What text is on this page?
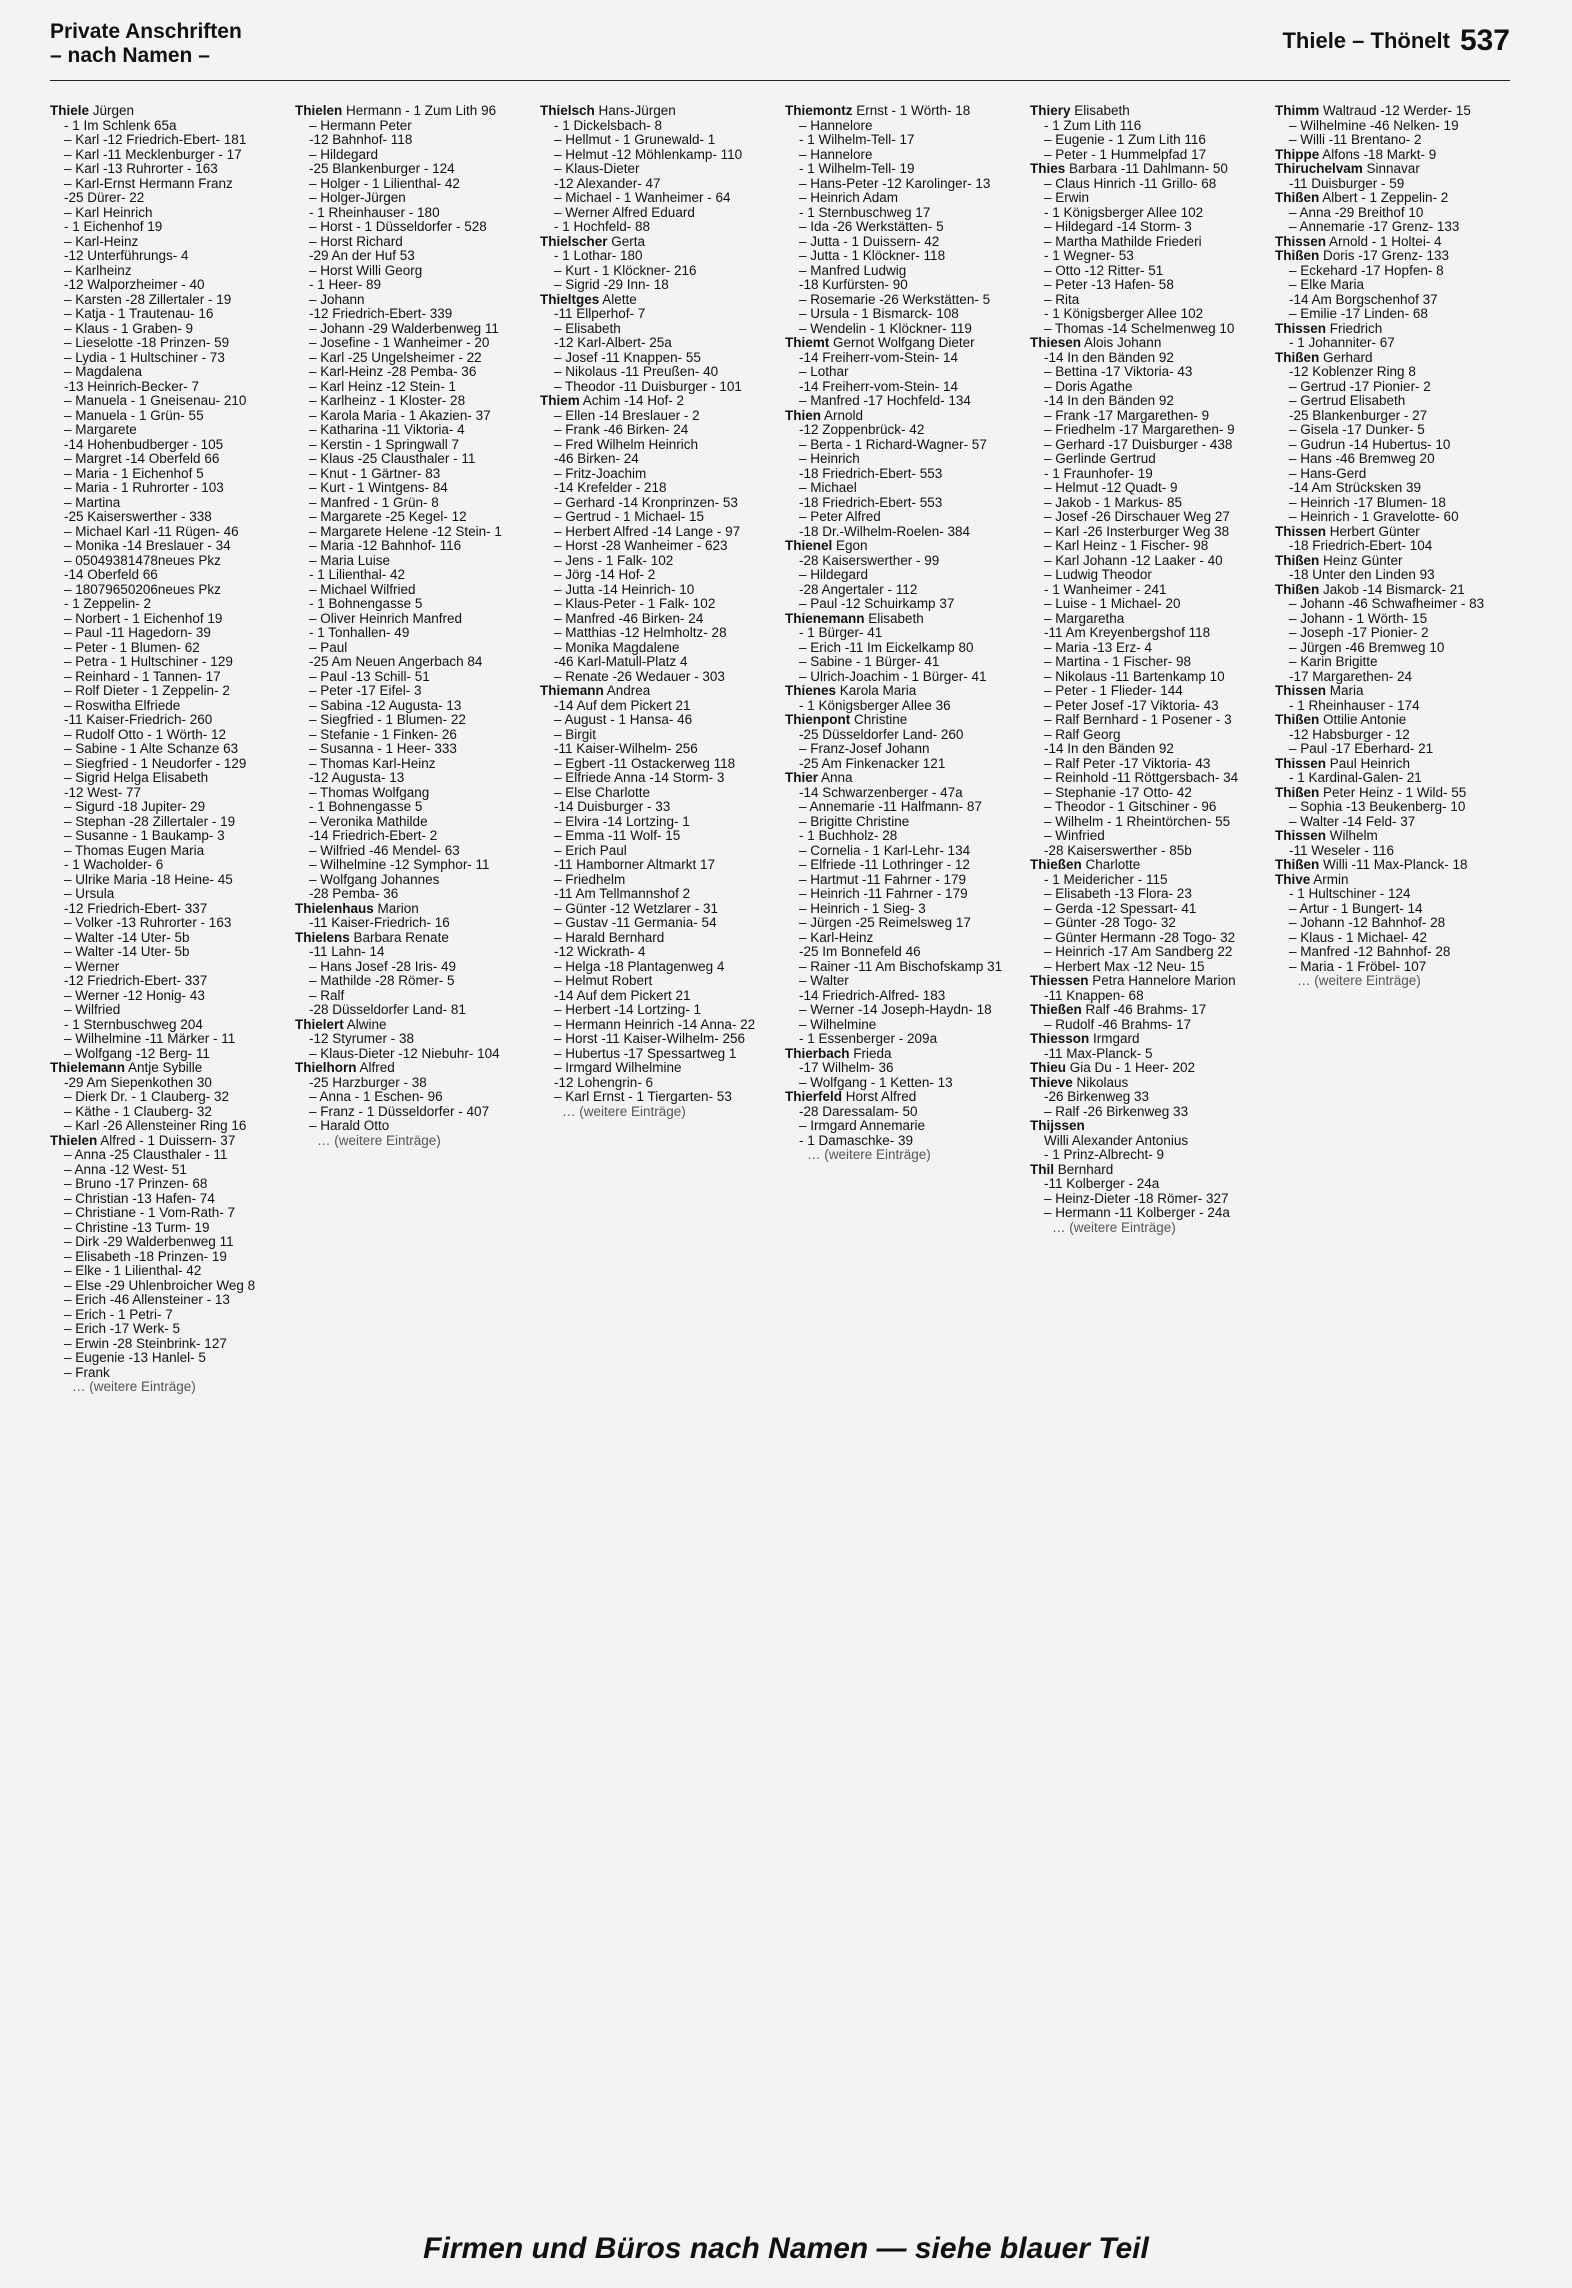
Private Anschriften
– nach Namen –
Thiele – Thönelt 537
Thiele Jürgen
- 1 Im Schlenk 65a
– Karl -12 Friedrich-Ebert- 181
– Karl -11 Mecklenburger - 17
– Karl -13 Ruhrorter - 163
– Karl-Ernst Hermann Franz
-25 Dürer- 22
– Karl Heinrich
- 1 Eichenhof 19
– Karl-Heinz
-12 Unterführungs- 4
– Karlheinz
-12 Walporzheimer - 40
– Karsten -28 Zillertaler - 19
– Katja - 1 Trautenau- 16
– Klaus - 1 Graben- 9
– Lieselotte -18 Prinzen- 59
– Lydia - 1 Hultschiner - 73
– Magdalena
-13 Heinrich-Becker- 7
– Manuela - 1 Gneisenau- 210
– Manuela - 1 Grün- 55
– Margarete
-14 Hohenbudberger - 105
– Margret -14 Oberfeld 66
– Maria - 1 Eichenhof 5
– Maria - 1 Ruhrorter - 103
– Martina
-25 Kaiserswerther - 338
– Michael Karl -11 Rügen- 46
– Monika -14 Breslauer - 34
– 05049381478neues Pkz
-14 Oberfeld 66
– 18079650206neues Pkz
- 1 Zeppelin- 2
– Norbert - 1 Eichenhof 19
– Paul -11 Hagedorn- 39
– Peter - 1 Blumen- 62
– Petra - 1 Hultschiner - 129
– Reinhard - 1 Tannen- 17
– Rolf Dieter - 1 Zeppelin- 2
– Roswitha Elfriede
-11 Kaiser-Friedrich- 260
– Rudolf Otto - 1 Wörth- 12
– Sabine - 1 Alte Schanze 63
– Siegfried - 1 Neudorfer - 129
– Sigrid Helga Elisabeth
-12 West- 77
– Sigurd -18 Jupiter- 29
– Stephan -28 Zillertaler - 19
– Susanne - 1 Baukamp- 3
– Thomas Eugen Maria
- 1 Wacholder- 6
– Ulrike Maria -18 Heine- 45
– Ursula
-12 Friedrich-Ebert- 337
– Volker -13 Ruhrorter - 163
– Walter -14 Uter- 5b
– Walter -14 Uter- 5b
– Werner
-12 Friedrich-Ebert- 337
– Werner -12 Honig- 43
– Wilfried
- 1 Sternbuschweg 204
– Wilhelmine -11 Märker - 11
– Wolfgang -12 Berg- 11
Thielemann Antje Sybille
-29 Am Siepenkothen 30
– Dierk Dr. - 1 Clauberg- 32
– Käthe - 1 Clauberg- 32
– Karl -26 Allensteiner Ring 16
Thielen Alfred - 1 Duissern- 37
– Anna -25 Clausthaler - 11
– Anna -12 West- 51
– Bruno -17 Prinzen- 68
– Christian -13 Hafen- 74
– Christiane - 1 Vom-Rath- 7
– Christine -13 Turm- 19
– Dirk -29 Walderbenweg 11
– Elisabeth -18 Prinzen- 19
– Elke - 1 Lilienthal- 42
– Else -29 Uhlenbroicher Weg 8
– Erich -46 Allensteiner - 13
– Erich - 1 Petri- 7
– Erich -17 Werk- 5
– Erwin -28 Steinbrink- 127
– Eugenie -13 Hanlel- 5
– Frank
… (weitere Einträge)
Thielen Hermann - 1 Zum Lith 96
– Hermann Peter
-12 Bahnhof- 118
– Hildegard
-25 Blankenburger - 124
– Holger - 1 Lilienthal- 42
– Holger-Jürgen
- 1 Rheinhauser - 180
– Horst - 1 Düsseldorfer - 528
– Horst Richard
-29 An der Huf 53
– Horst Willi Georg
- 1 Heer- 89
– Johann
-12 Friedrich-Ebert- 339
– Johann -29 Walderbenweg 11
– Josefine - 1 Wanheimer - 20
– Karl -25 Ungelsheimer - 22
– Karl-Heinz -28 Pemba- 36
– Karl Heinz -12 Stein- 1
– Karlheinz - 1 Kloster- 28
– Karola Maria - 1 Akazien- 37
– Katharina -11 Viktoria- 4
– Kerstin - 1 Springwall 7
– Klaus -25 Clausthaler - 11
– Knut - 1 Gärtner- 83
– Kurt - 1 Wintgens- 84
– Manfred - 1 Grün- 8
– Margarete -25 Kegel- 12
– Margarete Helene -12 Stein- 1
– Maria -12 Bahnhof- 116
– Maria Luise
- 1 Lilienthal- 42
– Michael Wilfried
- 1 Bohnengasse 5
– Oliver Heinrich Manfred
- 1 Tonhallen- 49
– Paul
-25 Am Neuen Angerbach 84
– Paul -13 Schill- 51
– Peter -17 Eifel- 3
– Sabina -12 Augusta- 13
– Siegfried - 1 Blumen- 22
– Stefanie - 1 Finken- 26
– Susanna - 1 Heer- 333
– Thomas Karl-Heinz
-12 Augusta- 13
– Thomas Wolfgang
- 1 Bohnengasse 5
– Veronika Mathilde
-14 Friedrich-Ebert- 2
– Wilfried -46 Mendel- 63
– Wilhelmine -12 Symphor- 11
– Wolfgang Johannes
-28 Pemba- 36
Thielenhaus Marion
-11 Kaiser-Friedrich- 16
Thielens Barbara Renate
-11 Lahn- 14
– Hans Josef -28 Iris- 49
– Mathilde -28 Römer- 5
– Ralf
-28 Düsseldorfer Land- 81
Thielert Alwine
-12 Styrumer - 38
– Klaus-Dieter -12 Niebuhr- 104
Thielhorn Alfred
-25 Harzburger - 38
– Anna - 1 Eschen- 96
– Franz - 1 Düsseldorfer - 407
– Harald Otto
… (weitere Einträge)
Thielsch Hans-Jürgen
- 1 Dickelsbach- 8
– Hellmut - 1 Grunewald- 1
– Helmut -12 Möhlenkamp- 110
– Klaus-Dieter
-12 Alexander- 47
– Michael - 1 Wanheimer - 64
– Werner Alfred Eduard
- 1 Hochfeld- 88
Thielscher Gerta
- 1 Lothar- 180
– Kurt - 1 Klöckner- 216
– Sigrid -29 Inn- 18
Thieltges Alette
-11 Ellperhof- 7
– Elisabeth
-12 Karl-Albert- 25a
– Josef -11 Knappen- 55
– Nikolaus -11 Preußen- 40
– Theodor -11 Duisburger - 101
Thiem Achim -14 Hof- 2
– Ellen -14 Breslauer - 2
– Frank -46 Birken- 24
– Fred Wilhelm Heinrich
-46 Birken- 24
– Fritz-Joachim
-14 Krefelder - 218
– Gerhard -14 Kronprinzen- 53
– Gertrud - 1 Michael- 15
– Herbert Alfred -14 Lange - 97
– Horst -28 Wanheimer - 623
– Jens - 1 Falk- 102
– Jörg -14 Hof- 2
– Jutta -14 Heinrich- 10
– Klaus-Peter - 1 Falk- 102
– Manfred -46 Birken- 24
– Matthias -12 Helmholtz- 28
– Monika Magdalene
-46 Karl-Matull-Platz 4
– Renate -26 Wedauer - 303
Thiemann Andrea
-14 Auf dem Pickert 21
– August - 1 Hansa- 46
– Birgit
-11 Kaiser-Wilhelm- 256
– Egbert -11 Ostackerweg 118
– Elfriede Anna -14 Storm- 3
– Else Charlotte
-14 Duisburger - 33
– Elvira -14 Lortzing- 1
– Emma -11 Wolf- 15
– Erich Paul
-11 Hamborner Altmarkt 17
– Friedhelm
-11 Am Tellmannshof 2
– Günter -12 Wetzlarer - 31
– Gustav -11 Germania- 54
– Harald Bernhard
-12 Wickrath- 4
– Helga -18 Plantagenweg 4
– Helmut Robert
-14 Auf dem Pickert 21
– Herbert -14 Lortzing- 1
– Hermann Heinrich -14 Anna- 22
– Horst -11 Kaiser-Wilhelm- 256
– Hubertus -17 Spessartweg 1
– Irmgard Wilhelmine
-12 Lohengrin- 6
– Karl Ernst - 1 Tiergarten- 53
… (weitere Einträge)
Thiemontz Ernst - 1 Wörth- 18
– Hannelore
- 1 Wilhelm-Tell- 17
– Hannelore
- 1 Wilhelm-Tell- 19
– Hans-Peter -12 Karolinger- 13
– Heinrich Adam
- 1 Sternbuschweg 17
– Ida -26 Werkstätten- 5
– Jutta - 1 Duissern- 42
– Jutta - 1 Klöckner- 118
– Manfred Ludwig
-18 Kurfürsten- 90
– Rosemarie -26 Werkstätten- 5
– Ursula - 1 Bismarck- 108
– Wendelin - 1 Klöckner- 119
Thiemt Gernot Wolfgang Dieter
-14 Freiherr-vom-Stein- 14
– Lothar
-14 Freiherr-vom-Stein- 14
– Manfred -17 Hochfeld- 134
Thien Arnold
-12 Zoppenbrück- 42
– Berta - 1 Richard-Wagner- 57
– Heinrich
-18 Friedrich-Ebert- 553
– Michael
-18 Friedrich-Ebert- 553
– Peter Alfred
-18 Dr.-Wilhelm-Roelen- 384
Thienel Egon
-28 Kaiserswerther - 99
– Hildegard
-28 Angertaler - 112
– Paul -12 Schuirkamp 37
Thienemann Elisabeth
- 1 Bürger- 41
– Erich -11 Im Eickelkamp 80
– Sabine - 1 Bürger- 41
– Ulrich-Joachim - 1 Bürger- 41
Thienes Karola Maria
- 1 Königsberger Allee 36
Thienpont Christine
-25 Düsseldorfer Land- 260
– Franz-Josef Johann
-25 Am Finkenacker 121
Thier Anna
-14 Schwarzenberger - 47a
– Annemarie -11 Halfmann- 87
– Brigitte Christine
- 1 Buchholz- 28
– Cornelia - 1 Karl-Lehr- 134
– Elfriede -11 Lothringer - 12
– Hartmut -11 Fahrner - 179
– Heinrich -11 Fahrner - 179
– Heinrich - 1 Sieg- 3
– Jürgen -25 Reimelsweg 17
– Karl-Heinz
-25 Im Bonnefeld 46
– Rainer -11 Am Bischofskamp 31
– Walter
-14 Friedrich-Alfred- 183
– Werner -14 Joseph-Haydn- 18
– Wilhelmine
- 1 Essenberger - 209a
Thierbach Frieda
-17 Wilhelm- 36
– Wolfgang - 1 Ketten- 13
Thierfeld Horst Alfred
-28 Daressalam- 50
– Irmgard Annemarie
- 1 Damaschke- 39
… (weitere Einträge)
Thiery Elisabeth
- 1 Zum Lith 116
– Eugenie - 1 Zum Lith 116
– Peter - 1 Hummelpfad 17
Thies Barbara -11 Dahlmann- 50
– Claus Hinrich -11 Grillo- 68
– Erwin
- 1 Königsberger Allee 102
– Hildegard -14 Storm- 3
– Martha Mathilde Friederi
- 1 Wegner- 53
– Otto -12 Ritter- 51
– Peter -13 Hafen- 58
– Rita
- 1 Königsberger Allee 102
– Thomas -14 Schelmenweg 10
Thiesen Alois Johann
-14 In den Bänden 92
– Bettina -17 Viktoria- 43
– Doris Agathe
-14 In den Bänden 92
– Frank -17 Margarethen- 9
– Friedhelm -17 Margarethen- 9
– Gerhard -17 Duisburger - 438
– Gerlinde Gertrud
- 1 Fraunhofer- 19
– Helmut -12 Quadt- 9
– Jakob - 1 Markus- 85
– Josef -26 Dirschauer Weg 27
– Karl -26 Insterburger Weg 38
– Karl Heinz - 1 Fischer- 98
– Karl Johann -12 Laaker - 40
– Ludwig Theodor
- 1 Wanheimer - 241
– Luise - 1 Michael- 20
– Margaretha
-11 Am Kreyenbergshof 118
– Maria -13 Erz- 4
– Martina - 1 Fischer- 98
– Nikolaus -11 Bartenkamp 10
– Peter - 1 Flieder- 144
– Peter Josef -17 Viktoria- 43
– Ralf Bernhard - 1 Posener - 3
– Ralf Georg
-14 In den Bänden 92
– Ralf Peter -17 Viktoria- 43
– Reinhold -11 Röttgersbach- 34
– Stephanie -17 Otto- 42
– Theodor - 1 Gitschiner - 96
– Wilhelm - 1 Rheintörchen- 55
– Winfried
-28 Kaiserswerther - 85b
Thießen Charlotte
- 1 Meidericher - 115
– Elisabeth -13 Flora- 23
– Gerda -12 Spessart- 41
– Günter -28 Togo- 32
– Günter Hermann -28 Togo- 32
– Heinrich -17 Am Sandberg 22
– Herbert Max -12 Neu- 15
Thiessen Petra Hannelore Marion
-11 Knappen- 68
Thießen Ralf -46 Brahms- 17
– Rudolf -46 Brahms- 17
Thiesson Irmgard
-11 Max-Planck- 5
Thieu Gia Du - 1 Heer- 202
Thieve Nikolaus
-26 Birkenweg 33
– Ralf -26 Birkenweg 33
Thijssen
Willi Alexander Antonius
- 1 Prinz-Albrecht- 9
Thil Bernhard
-11 Kolberger - 24a
– Heinz-Dieter -18 Römer- 327
– Hermann -11 Kolberger - 24a
… (weitere Einträge)
Thimm Waltraud -12 Werder- 15
– Wilhelmine -46 Nelken- 19
– Willi -11 Brentano- 2
Thippe Alfons -18 Markt- 9
Thiruchelvam Sinnavar
-11 Duisburger - 59
Thißen Albert - 1 Zeppelin- 2
– Anna -29 Breithof 10
– Annemarie -17 Grenz- 133
Thissen Arnold - 1 Holtei- 4
Thißen Doris -17 Grenz- 133
– Eckehard -17 Hopfen- 8
– Elke Maria
-14 Am Borgschenhof 37
– Emilie -17 Linden- 68
Thissen Friedrich
- 1 Johanniter- 67
Thißen Gerhard
-12 Koblenzer Ring 8
– Gertrud -17 Pionier- 2
– Gertrud Elisabeth
-25 Blankenburger - 27
– Gisela -17 Dunker- 5
– Gudrun -14 Hubertus- 10
– Hans -46 Bremweg 20
– Hans-Gerd
-14 Am Strücksken 39
– Heinrich -17 Blumen- 18
– Heinrich - 1 Gravelotte- 60
Thissen Herbert Günter
-18 Friedrich-Ebert- 104
Thißen Heinz Günter
-18 Unter den Linden 93
Thißen Jakob -14 Bismarck- 21
– Johann -46 Schwafheimer - 83
– Johann - 1 Wörth- 15
– Joseph -17 Pionier- 2
– Jürgen -46 Bremweg 10
– Karin Brigitte
-17 Margarethen- 24
Thissen Maria
- 1 Rheinhauser - 174
Thißen Ottilie Antonie
-12 Habsburger - 12
– Paul -17 Eberhard- 21
Thissen Paul Heinrich
- 1 Kardinal-Galen- 21
Thißen Peter Heinz - 1 Wild- 55
– Sophia -13 Beukenberg- 10
– Walter -14 Feld- 37
Thissen Wilhelm
-11 Weseler - 116
Thißen Willi -11 Max-Planck- 18
Thive Armin
- 1 Hultschiner - 124
– Artur - 1 Bungert- 14
– Johann -12 Bahnhof- 28
– Klaus - 1 Michael- 42
– Manfred -12 Bahnhof- 28
– Maria - 1 Fröbel- 107
… (weitere Einträge)
Firmen und Büros nach Namen — siehe blauer Teil
